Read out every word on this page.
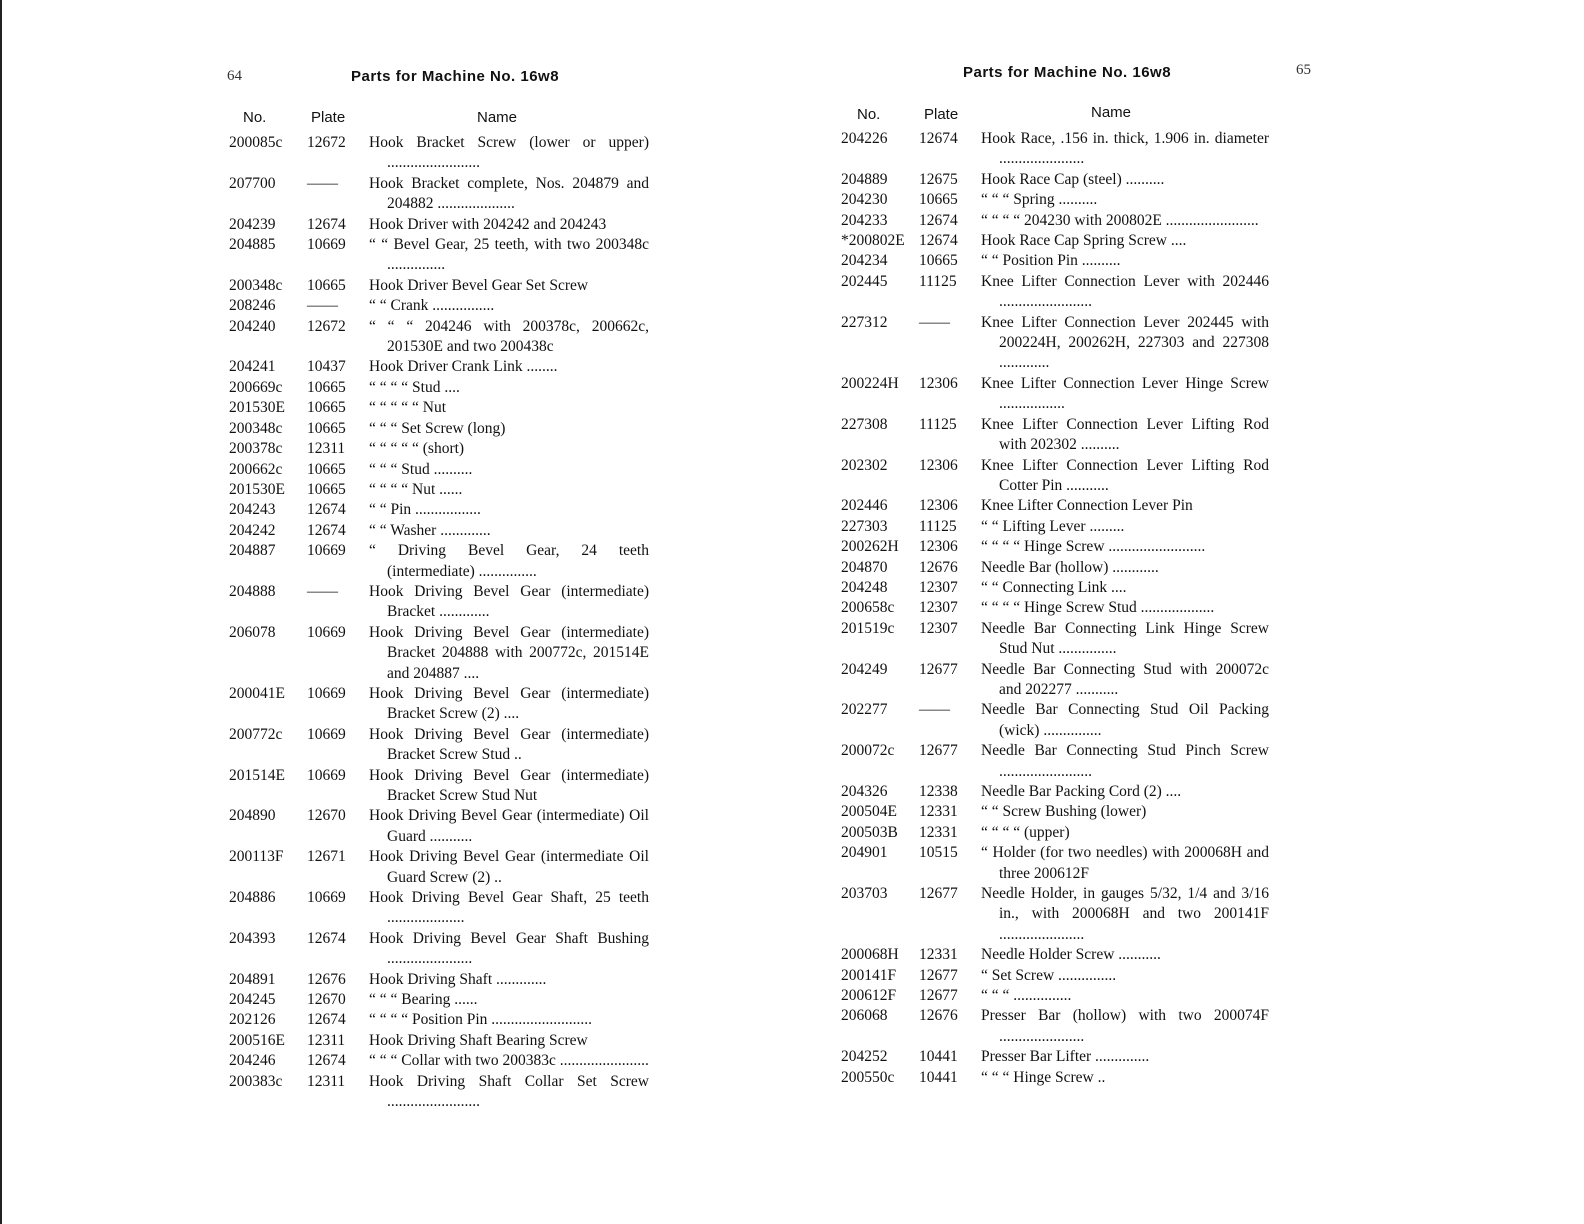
64	Parts for Machine No. 16w8
No.	Plate	Name
200085c	12672	Hook Bracket Screw (lower or upper) ........................
207700	——	Hook Bracket complete, Nos. 204879 and 204882 ....................
204239	12674	Hook Driver with 204242 and 204243
204885	10669	“ “ Bevel Gear, 25 teeth, with two 200348c ...............
200348c	10665	Hook Driver Bevel Gear Set Screw
208246	——	“ “ Crank ................
204240	12672	“ “ “ 204246 with 200378c, 200662c, 201530E and two 200438c
204241	10437	Hook Driver Crank Link ........
200669c	10665	“ “ “ “ Stud ....
201530E	10665	“ “ “ “ “ Nut
200348c	10665	“ “ “ Set Screw (long)
200378c	12311	“ “ “ “ “ (short)
200662c	10665	“ “ “ Stud ..........
201530E	10665	“ “ “ “ Nut ......
204243	12674	“ “ Pin .................
204242	12674	“ “ Washer .............
204887	10669	“ Driving Bevel Gear, 24 teeth (intermediate) ...............
204888	——	Hook Driving Bevel Gear (intermediate) Bracket .............
206078	10669	Hook Driving Bevel Gear (intermediate) Bracket 204888 with 200772c, 201514E and 204887 ....
200041E	10669	Hook Driving Bevel Gear (intermediate) Bracket Screw (2) ....
200772c	10669	Hook Driving Bevel Gear (intermediate) Bracket Screw Stud ..
201514E	10669	Hook Driving Bevel Gear (intermediate) Bracket Screw Stud Nut
204890	12670	Hook Driving Bevel Gear (intermediate) Oil Guard ...........
200113F	12671	Hook Driving Bevel Gear (intermediate Oil Guard Screw (2) ..
204886	10669	Hook Driving Bevel Gear Shaft, 25 teeth ....................
204393	12674	Hook Driving Bevel Gear Shaft Bushing ......................
204891	12676	Hook Driving Shaft .............
204245	12670	“ “ “ Bearing ......
202126	12674	“ “ “ “ Position Pin ..........................
200516E	12311	Hook Driving Shaft Bearing Screw
204246	12674	“ “ “ Collar with two 200383c .......................
200383c	12311	Hook Driving Shaft Collar Set Screw ........................
Parts for Machine No. 16w8	65
No.	Plate	Name
204226	12674	Hook Race, .156 in. thick, 1.906 in. diameter ......................
204889	12675	Hook Race Cap (steel) ..........
204230	10665	“ “ “ Spring ..........
204233	12674	“ “ “ “ 204230 with 200802E ........................
*200802E 12674	Hook Race Cap Spring Screw ....
204234	10665	“ “ Position Pin ..........
202445	11125	Knee Lifter Connection Lever with 202446 ........................
227312	——	Knee Lifter Connection Lever 202445 with 200224H, 200262H, 227303 and 227308 .............
200224H	12306	Knee Lifter Connection Lever Hinge Screw .................
227308	11125	Knee Lifter Connection Lever Lifting Rod with 202302 ..........
202302	12306	Knee Lifter Connection Lever Lifting Rod Cotter Pin ...........
202446	12306	Knee Lifter Connection Lever Pin
227303	11125	“ “ Lifting Lever .........
200262H	12306	“ “ “ “ Hinge Screw .........................
204870	12676	Needle Bar (hollow) ............
204248	12307	“ “ Connecting Link ....
200658c	12307	“ “ “ “ Hinge Screw Stud ...................
201519c	12307	Needle Bar Connecting Link Hinge Screw Stud Nut ...............
204249	12677	Needle Bar Connecting Stud with 200072c and 202277 ...........
202277	——	Needle Bar Connecting Stud Oil Packing (wick) ...............
200072c	12677	Needle Bar Connecting Stud Pinch Screw ........................
204326	12338	Needle Bar Packing Cord (2) ....
200504E	12331	“ “ Screw Bushing (lower)
200503B	12331	“ “ “ “ (upper)
204901	10515	“ Holder (for two needles) with 200068H and three 200612F
203703	12677	Needle Holder, in gauges 5/32, 1/4 and 3/16 in., with 200068H and two 200141F ......................
200068H	12331	Needle Holder Screw ...........
200141F	12677	“ Set Screw ...............
200612F	12677	“ “ “ ...............
206068	12676	Presser Bar (hollow) with two 200074F ......................
204252	10441	Presser Bar Lifter ..............
200550c	10441	“ “ “ Hinge Screw ..
